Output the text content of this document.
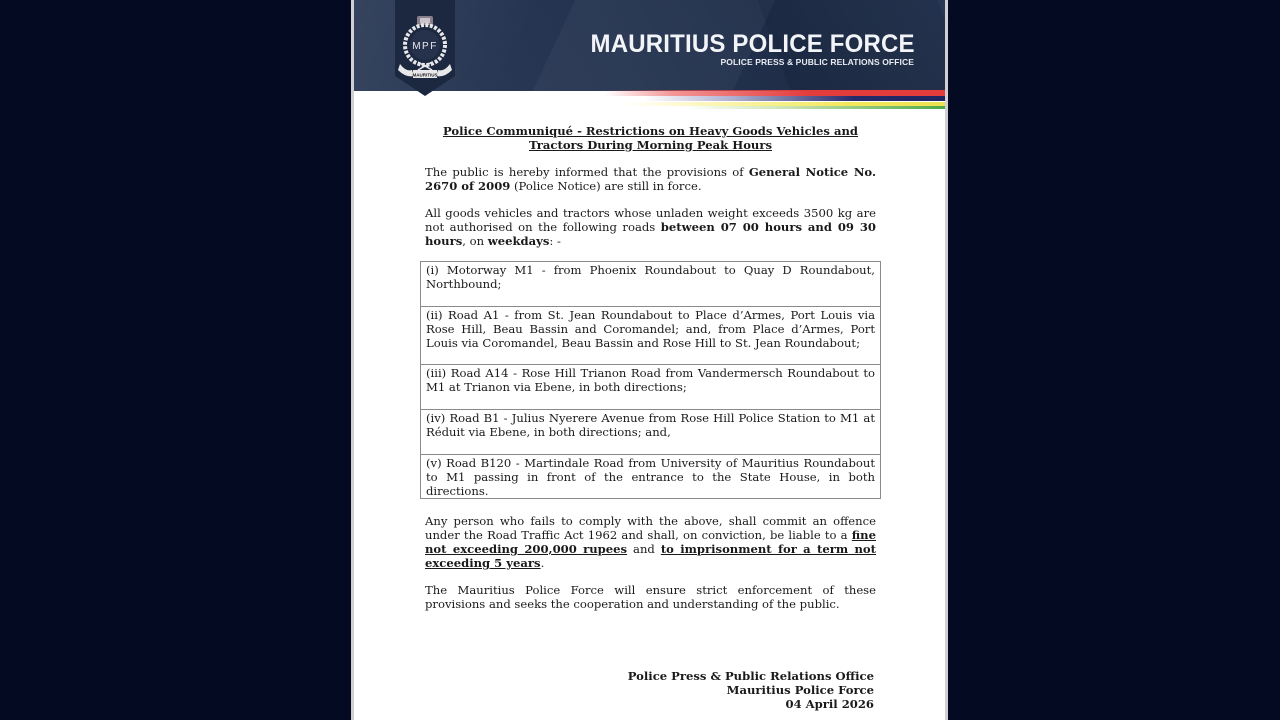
MPF
MAURITIUS
MAURITIUS POLICE FORCE
POLICE PRESS & PUBLIC RELATIONS OFFICE
Police Communiqué - Restrictions on Heavy Goods Vehicles and
Tractors During Morning Peak Hours

The public is hereby informed that the provisions of General Notice No. 2670 of 2009 (Police Notice) are still in force.

All goods vehicles and tractors whose unladen weight exceeds 3500 kg are not authorised on the following roads between 07 00 hours and 09 30 hours, on weekdays: -

(i) Motorway M1 - from Phoenix Roundabout to Quay D Roundabout, Northbound;
(ii) Road A1 - from St. Jean Roundabout to Place d’Armes, Port Louis via Rose Hill, Beau Bassin and Coromandel; and, from Place d’Armes, Port Louis via Coromandel, Beau Bassin and Rose Hill to St. Jean Roundabout;
(iii) Road A14 - Rose Hill Trianon Road from Vandermersch Roundabout to M1 at Trianon via Ebene, in both directions;
(iv) Road B1 - Julius Nyerere Avenue from Rose Hill Police Station to M1 at Réduit via Ebene, in both directions; and,
(v) Road B120 - Martindale Road from University of Mauritius Roundabout to M1 passing in front of the entrance to the State House, in both directions.

Any person who fails to comply with the above, shall commit an offence under the Road Traffic Act 1962 and shall, on conviction, be liable to a fine not exceeding 200,000 rupees and to imprisonment for a term not exceeding 5 years.

The Mauritius Police Force will ensure strict enforcement of these provisions and seeks the cooperation and understanding of the public.

Police Press & Public Relations Office
Mauritius Police Force
04 April 2026
